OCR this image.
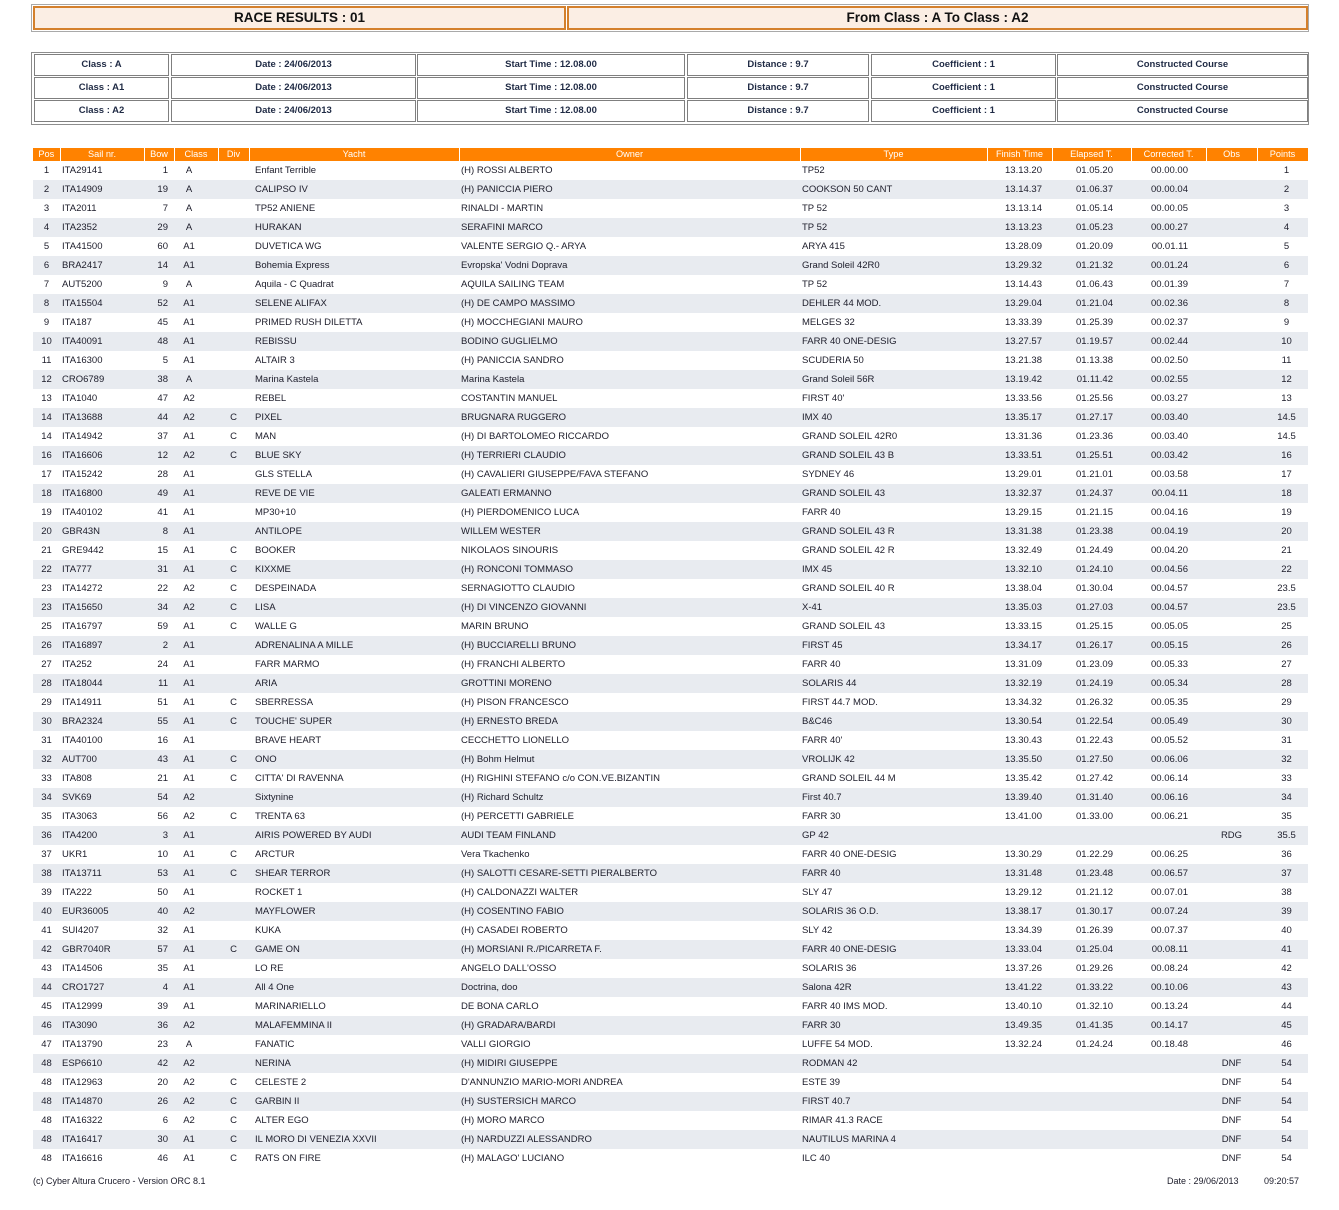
RACE RESULTS : 01	From Class : A To Class : A2
Class : A	Date : 24/06/2013	Start Time : 12.08.00	Distance : 9.7	Coefficient : 1	Constructed Course
Class : A1	Date : 24/06/2013	Start Time : 12.08.00	Distance : 9.7	Coefficient : 1	Constructed Course
Class : A2	Date : 24/06/2013	Start Time : 12.08.00	Distance : 9.7	Coefficient : 1	Constructed Course
Pos	Sail nr.	Bow	Class	Div	Yacht	Owner	Type	Finish Time	Elapsed T.	Corrected T.	Obs	Points
1	ITA29141	1	A		Enfant Terrible	(H) ROSSI ALBERTO	TP52	13.13.20	01.05.20	00.00.00		1
2	ITA14909	19	A		CALIPSO IV	(H) PANICCIA PIERO	COOKSON 50 CANT	13.14.37	01.06.37	00.00.04		2
3	ITA2011	7	A		TP52 ANIENE	RINALDI - MARTIN	TP 52	13.13.14	01.05.14	00.00.05		3
4	ITA2352	29	A		HURAKAN	SERAFINI MARCO	TP 52	13.13.23	01.05.23	00.00.27		4
5	ITA41500	60	A1		DUVETICA WG	VALENTE SERGIO Q.- ARYA	ARYA 415	13.28.09	01.20.09	00.01.11		5
6	BRA2417	14	A1		Bohemia Express	Evropska' Vodni Doprava	Grand Soleil 42R0	13.29.32	01.21.32	00.01.24		6
7	AUT5200	9	A		Aquila - C Quadrat	AQUILA SAILING TEAM	TP 52	13.14.43	01.06.43	00.01.39		7
8	ITA15504	52	A1		SELENE ALIFAX	(H) DE CAMPO MASSIMO	DEHLER 44 MOD.	13.29.04	01.21.04	00.02.36		8
9	ITA187	45	A1		PRIMED RUSH DILETTA	(H) MOCCHEGIANI MAURO	MELGES 32	13.33.39	01.25.39	00.02.37		9
10	ITA40091	48	A1		REBISSU	BODINO GUGLIELMO	FARR 40 ONE-DESIG	13.27.57	01.19.57	00.02.44		10
11	ITA16300	5	A1		ALTAIR 3	(H) PANICCIA SANDRO	SCUDERIA 50	13.21.38	01.13.38	00.02.50		11
12	CRO6789	38	A		Marina Kastela	Marina Kastela	Grand Soleil 56R	13.19.42	01.11.42	00.02.55		12
13	ITA1040	47	A2		REBEL	COSTANTIN MANUEL	FIRST 40'	13.33.56	01.25.56	00.03.27		13
14	ITA13688	44	A2	C	PIXEL	BRUGNARA RUGGERO	IMX 40	13.35.17	01.27.17	00.03.40		14.5
14	ITA14942	37	A1	C	MAN	(H) DI BARTOLOMEO RICCARDO	GRAND SOLEIL 42R0	13.31.36	01.23.36	00.03.40		14.5
16	ITA16606	12	A2	C	BLUE SKY	(H) TERRIERI CLAUDIO	GRAND SOLEIL 43 B	13.33.51	01.25.51	00.03.42		16
17	ITA15242	28	A1		GLS STELLA	(H) CAVALIERI GIUSEPPE/FAVA STEFANO	SYDNEY 46	13.29.01	01.21.01	00.03.58		17
18	ITA16800	49	A1		REVE DE VIE	GALEATI ERMANNO	GRAND SOLEIL 43	13.32.37	01.24.37	00.04.11		18
19	ITA40102	41	A1		MP30+10	(H) PIERDOMENICO LUCA	FARR 40	13.29.15	01.21.15	00.04.16		19
20	GBR43N	8	A1		ANTILOPE	WILLEM WESTER	GRAND SOLEIL 43 R	13.31.38	01.23.38	00.04.19		20
21	GRE9442	15	A1	C	BOOKER	NIKOLAOS SINOURIS	GRAND SOLEIL 42 R	13.32.49	01.24.49	00.04.20		21
22	ITA777	31	A1	C	KIXXME	(H) RONCONI TOMMASO	IMX 45	13.32.10	01.24.10	00.04.56		22
23	ITA14272	22	A2	C	DESPEINADA	SERNAGIOTTO CLAUDIO	GRAND SOLEIL 40 R	13.38.04	01.30.04	00.04.57		23.5
23	ITA15650	34	A2	C	LISA	(H) DI VINCENZO GIOVANNI	X-41	13.35.03	01.27.03	00.04.57		23.5
25	ITA16797	59	A1	C	WALLE G	MARIN BRUNO	GRAND SOLEIL 43	13.33.15	01.25.15	00.05.05		25
26	ITA16897	2	A1		ADRENALINA A MILLE	(H) BUCCIARELLI BRUNO	FIRST 45	13.34.17	01.26.17	00.05.15		26
27	ITA252	24	A1		FARR MARMO	(H) FRANCHI ALBERTO	FARR 40	13.31.09	01.23.09	00.05.33		27
28	ITA18044	11	A1		ARIA	GROTTINI MORENO	SOLARIS 44	13.32.19	01.24.19	00.05.34		28
29	ITA14911	51	A1	C	SBERRESSA	(H) PISON FRANCESCO	FIRST 44.7 MOD.	13.34.32	01.26.32	00.05.35		29
30	BRA2324	55	A1	C	TOUCHE' SUPER	(H) ERNESTO BREDA	B&C46	13.30.54	01.22.54	00.05.49		30
31	ITA40100	16	A1		BRAVE HEART	CECCHETTO LIONELLO	FARR 40'	13.30.43	01.22.43	00.05.52		31
32	AUT700	43	A1	C	ONO	(H) Bohm Helmut	VROLIJK 42	13.35.50	01.27.50	00.06.06		32
33	ITA808	21	A1	C	CITTA' DI RAVENNA	(H) RIGHINI STEFANO c/o CON.VE.BIZANTIN	GRAND SOLEIL 44 M	13.35.42	01.27.42	00.06.14		33
34	SVK69	54	A2		Sixtynine	(H) Richard Schultz	First 40.7	13.39.40	01.31.40	00.06.16		34
35	ITA3063	56	A2	C	TRENTA 63	(H) PERCETTI GABRIELE	FARR 30	13.41.00	01.33.00	00.06.21		35
36	ITA4200	3	A1		AIRIS POWERED BY AUDI	AUDI TEAM FINLAND	GP 42				RDG	35.5
37	UKR1	10	A1	C	ARCTUR	Vera Tkachenko	FARR 40 ONE-DESIG	13.30.29	01.22.29	00.06.25		36
38	ITA13711	53	A1	C	SHEAR TERROR	(H) SALOTTI CESARE-SETTI PIERALBERTO	FARR 40	13.31.48	01.23.48	00.06.57		37
39	ITA222	50	A1		ROCKET 1	(H) CALDONAZZI WALTER	SLY 47	13.29.12	01.21.12	00.07.01		38
40	EUR36005	40	A2		MAYFLOWER	(H) COSENTINO FABIO	SOLARIS 36 O.D.	13.38.17	01.30.17	00.07.24		39
41	SUI4207	32	A1		KUKA	(H) CASADEI ROBERTO	SLY 42	13.34.39	01.26.39	00.07.37		40
42	GBR7040R	57	A1	C	GAME ON	(H) MORSIANI R./PICARRETA F.	FARR 40 ONE-DESIG	13.33.04	01.25.04	00.08.11		41
43	ITA14506	35	A1		LO RE	ANGELO DALL'OSSO	SOLARIS 36	13.37.26	01.29.26	00.08.24		42
44	CRO1727	4	A1		All 4 One	Doctrina, doo	Salona 42R	13.41.22	01.33.22	00.10.06		43
45	ITA12999	39	A1		MARINARIELLO	DE BONA CARLO	FARR 40 IMS MOD.	13.40.10	01.32.10	00.13.24		44
46	ITA3090	36	A2		MALAFEMMINA II	(H) GRADARA/BARDI	FARR 30	13.49.35	01.41.35	00.14.17		45
47	ITA13790	23	A		FANATIC	VALLI GIORGIO	LUFFE 54 MOD.	13.32.24	01.24.24	00.18.48		46
48	ESP6610	42	A2		NERINA	(H) MIDIRI GIUSEPPE	RODMAN 42				DNF	54
48	ITA12963	20	A2	C	CELESTE 2	D'ANNUNZIO MARIO-MORI ANDREA	ESTE 39				DNF	54
48	ITA14870	26	A2	C	GARBIN II	(H) SUSTERSICH MARCO	FIRST 40.7				DNF	54
48	ITA16322	6	A2	C	ALTER EGO	(H) MORO MARCO	RIMAR 41.3 RACE				DNF	54
48	ITA16417	30	A1	C	IL MORO DI VENEZIA XXVII	(H) NARDUZZI ALESSANDRO	NAUTILUS MARINA 4				DNF	54
48	ITA16616	46	A1	C	RATS ON FIRE	(H) MALAGO' LUCIANO	ILC 40				DNF	54
(c) Cyber Altura Crucero - Version ORC 8.1	Date : 29/06/2013	09:20:57
